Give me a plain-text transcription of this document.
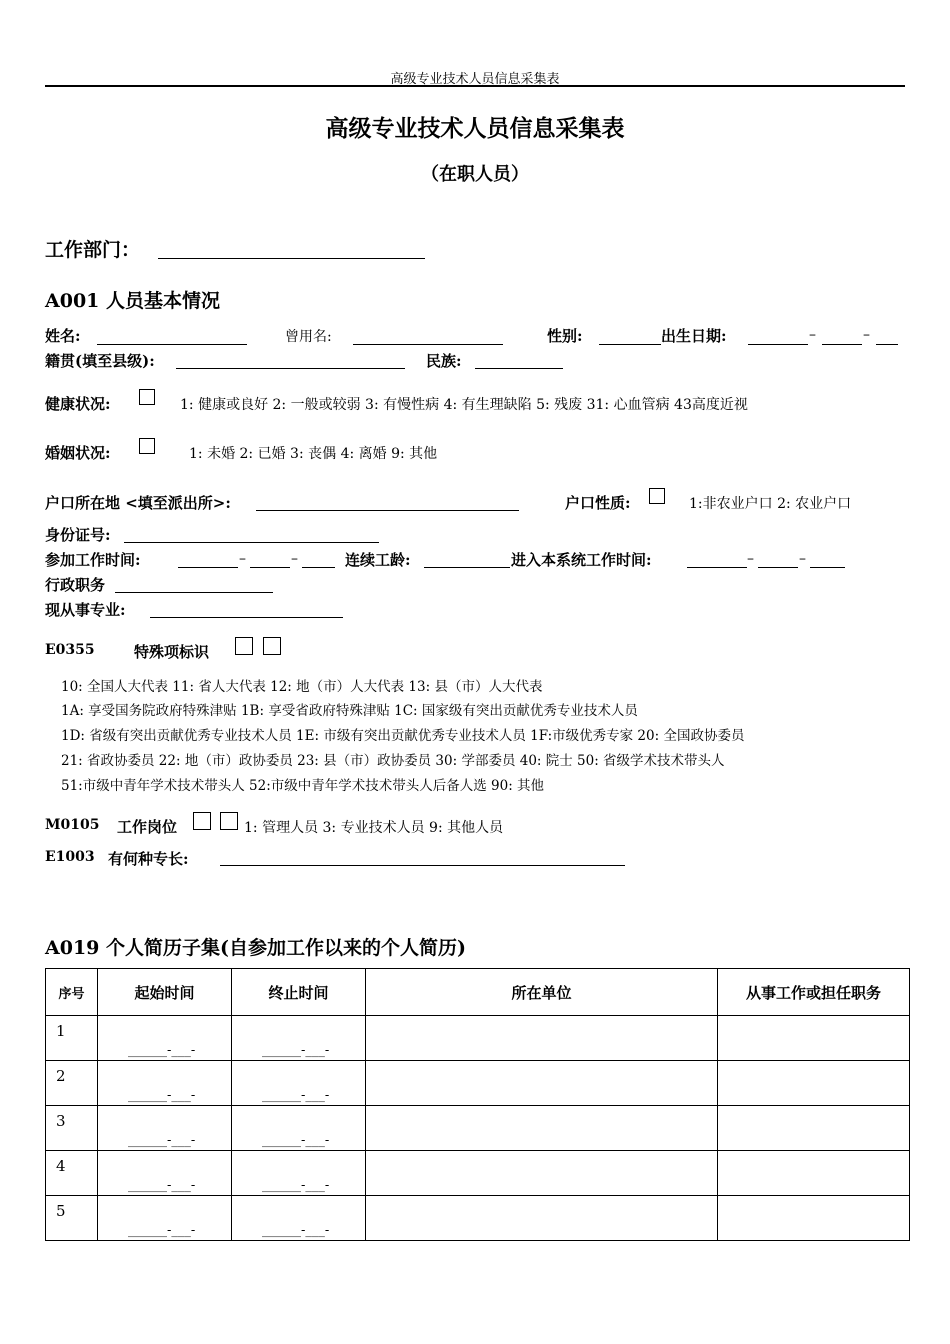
高级专业技术人员信息采集表
高级专业技术人员信息采集表
（在职人员）
工作部门：
A001 人员基本情况
姓名:	曾用名:	性别:	出生日期:	–	–
籍贯(填至县级):	民族:
健康状况:	1: 健康或良好 2: 一般或较弱 3: 有慢性病 4: 有生理缺陷 5: 残废 31: 心血管病 43高度近视
婚姻状况:	1: 未婚 2: 已婚 3: 丧偶 4: 离婚 9: 其他
户口所在地 <填至派出所>:	户口性质:	1:非农业户口 2: 农业户口
身份证号:
参加工作时间:	–	–	连续工龄:	进入本系统工作时间:	–	–
行政职务
现从事专业:
E0355	特殊项标识
10: 全国人大代表 11: 省人大代表 12: 地（市）人大代表 13: 县（市）人大代表
1A: 享受国务院政府特殊津贴 1B: 享受省政府特殊津贴 1C: 国家级有突出贡献优秀专业技术人员
1D: 省级有突出贡献优秀专业技术人员 1E: 市级有突出贡献优秀专业技术人员 1F:市级优秀专家 20: 全国政协委员
21: 省政协委员 22: 地（市）政协委员 23: 县（市）政协委员 30: 学部委员 40: 院士 50: 省级学术技术带头人
51:市级中青年学术技术带头人 52:市级中青年学术技术带头人后备人选 90: 其他
M0105 工作岗位	1: 管理人员 3: 专业技术人员 9: 其他人员
E1003 有何种专长:
A019 个人简历子集(自参加工作以来的个人简历)
序号	起始时间	终止时间	所在单位	从事工作或担任职务

1	______-___-	______-___-		

2	______-___-	______-___-		

3	______-___-	______-___-		

4	______-___-	______-___-		

5	______-___-	______-___-		
